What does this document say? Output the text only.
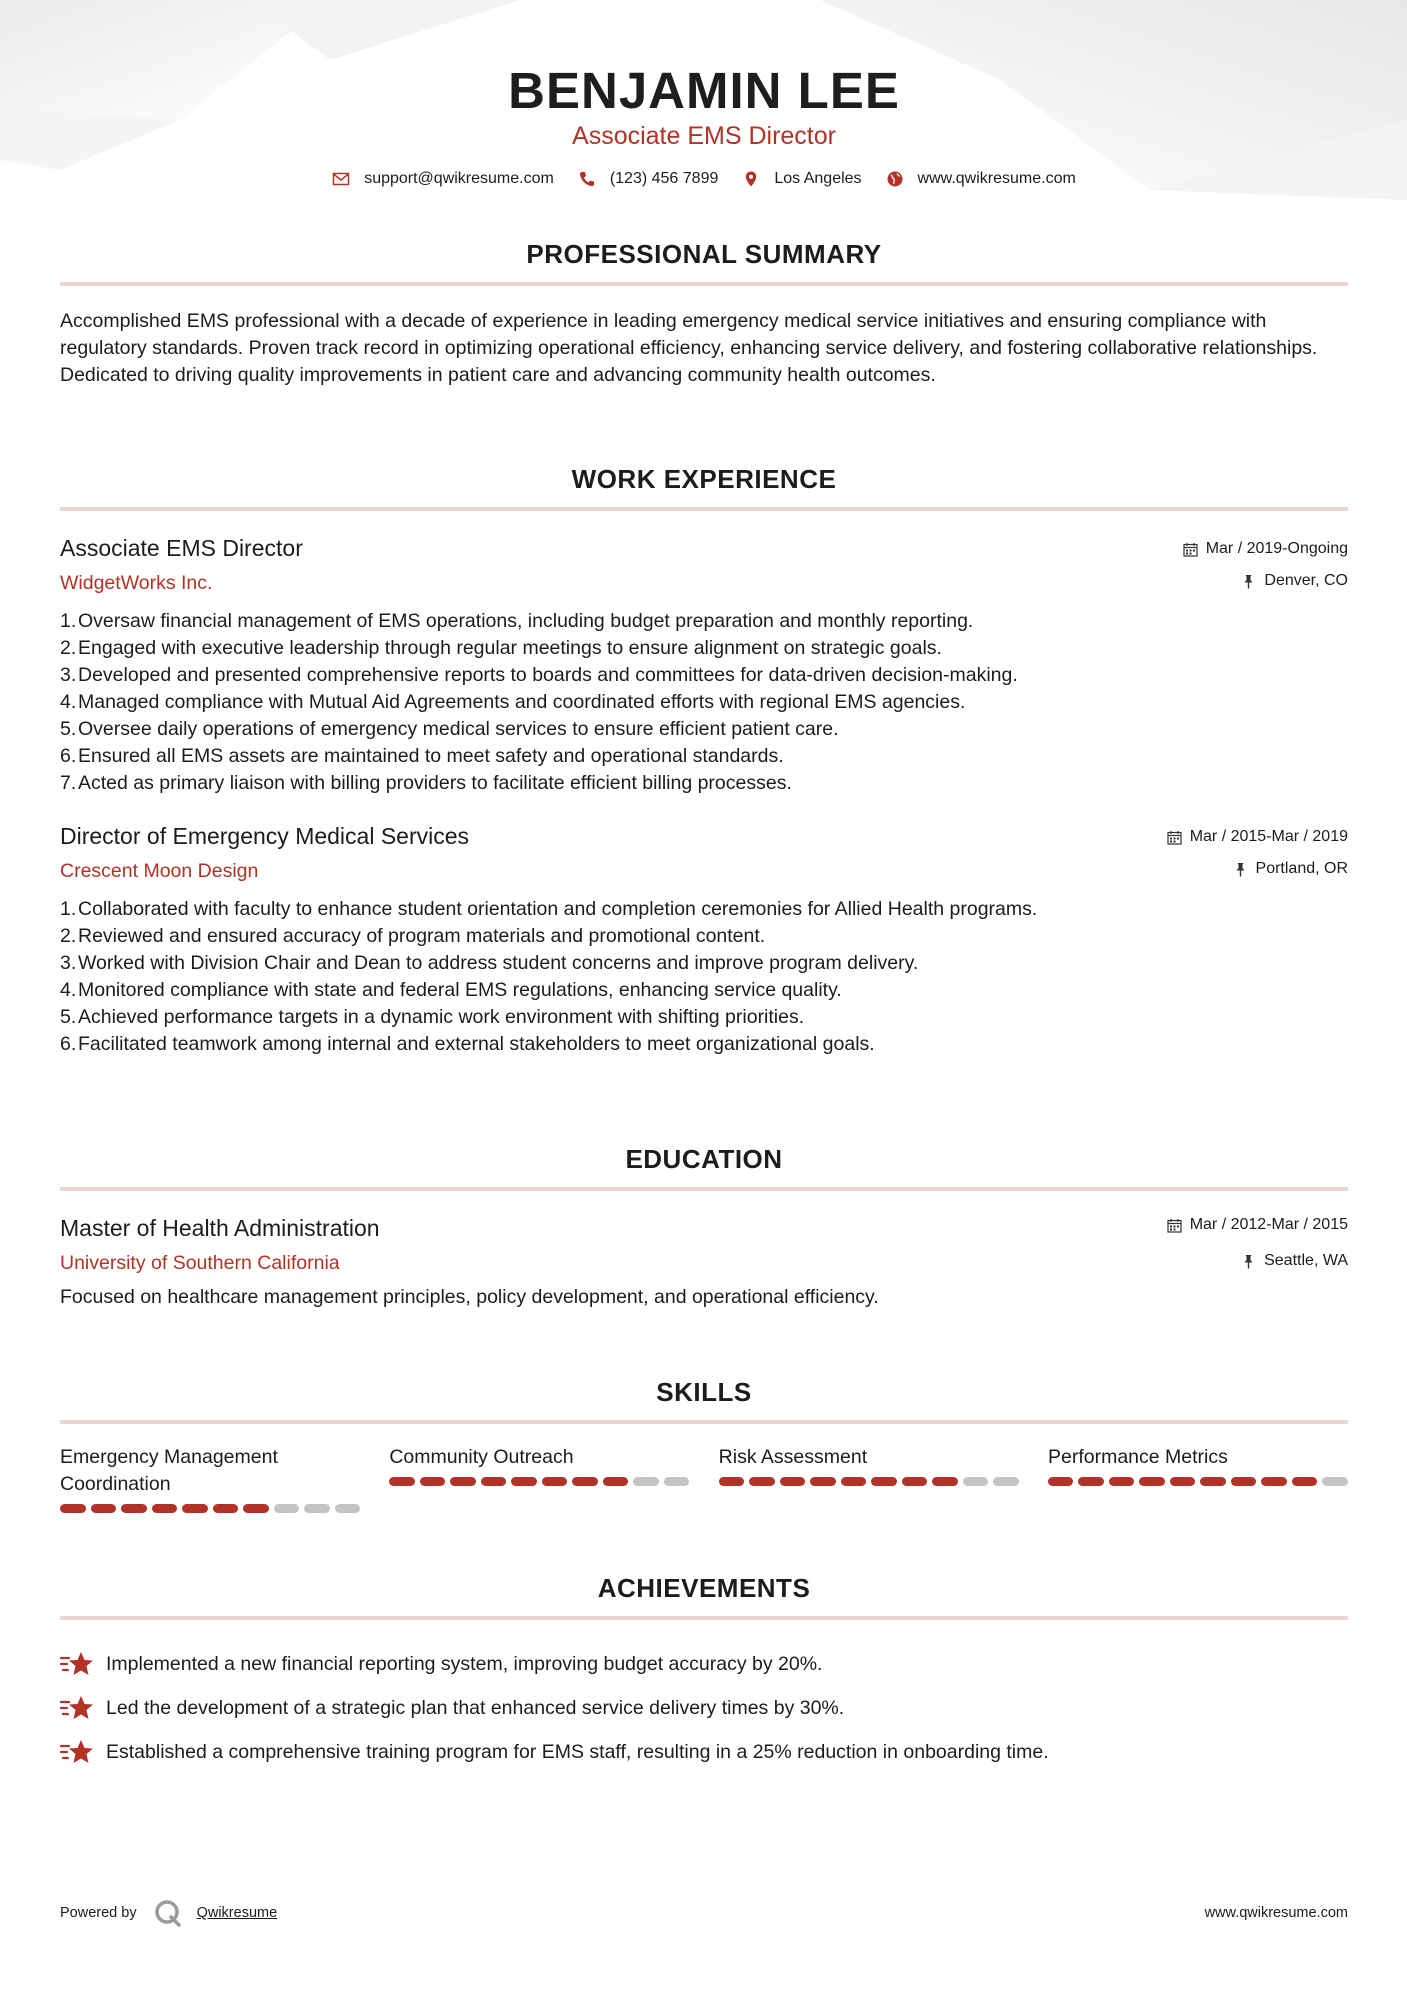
BENJAMIN LEE
Associate EMS Director
support@qwikresume.com	(123) 456 7899	Los Angeles	www.qwikresume.com
PROFESSIONAL SUMMARY
Accomplished EMS professional with a decade of experience in leading emergency medical service initiatives and ensuring compliance with regulatory standards. Proven track record in optimizing operational efficiency, enhancing service delivery, and fostering collaborative relationships. Dedicated to driving quality improvements in patient care and advancing community health outcomes.
WORK EXPERIENCE
Associate EMS Director
WidgetWorks Inc.
Mar / 2019-Ongoing
Denver, CO
1. Oversaw financial management of EMS operations, including budget preparation and monthly reporting.
2. Engaged with executive leadership through regular meetings to ensure alignment on strategic goals.
3. Developed and presented comprehensive reports to boards and committees for data-driven decision-making.
4. Managed compliance with Mutual Aid Agreements and coordinated efforts with regional EMS agencies.
5. Oversee daily operations of emergency medical services to ensure efficient patient care.
6. Ensured all EMS assets are maintained to meet safety and operational standards.
7. Acted as primary liaison with billing providers to facilitate efficient billing processes.
Director of Emergency Medical Services
Crescent Moon Design
Mar / 2015-Mar / 2019
Portland, OR
1. Collaborated with faculty to enhance student orientation and completion ceremonies for Allied Health programs.
2. Reviewed and ensured accuracy of program materials and promotional content.
3. Worked with Division Chair and Dean to address student concerns and improve program delivery.
4. Monitored compliance with state and federal EMS regulations, enhancing service quality.
5. Achieved performance targets in a dynamic work environment with shifting priorities.
6. Facilitated teamwork among internal and external stakeholders to meet organizational goals.
EDUCATION
Master of Health Administration
University of Southern California
Mar / 2012-Mar / 2015
Seattle, WA
Focused on healthcare management principles, policy development, and operational efficiency.
SKILLS
Emergency Management Coordination
Community Outreach	Risk Assessment	Performance Metrics
ACHIEVEMENTS
Implemented a new financial reporting system, improving budget accuracy by 20%.
Led the development of a strategic plan that enhanced service delivery times by 30%.
Established a comprehensive training program for EMS staff, resulting in a 25% reduction in onboarding time.
Powered by	Qwikresume	www.qwikresume.com
